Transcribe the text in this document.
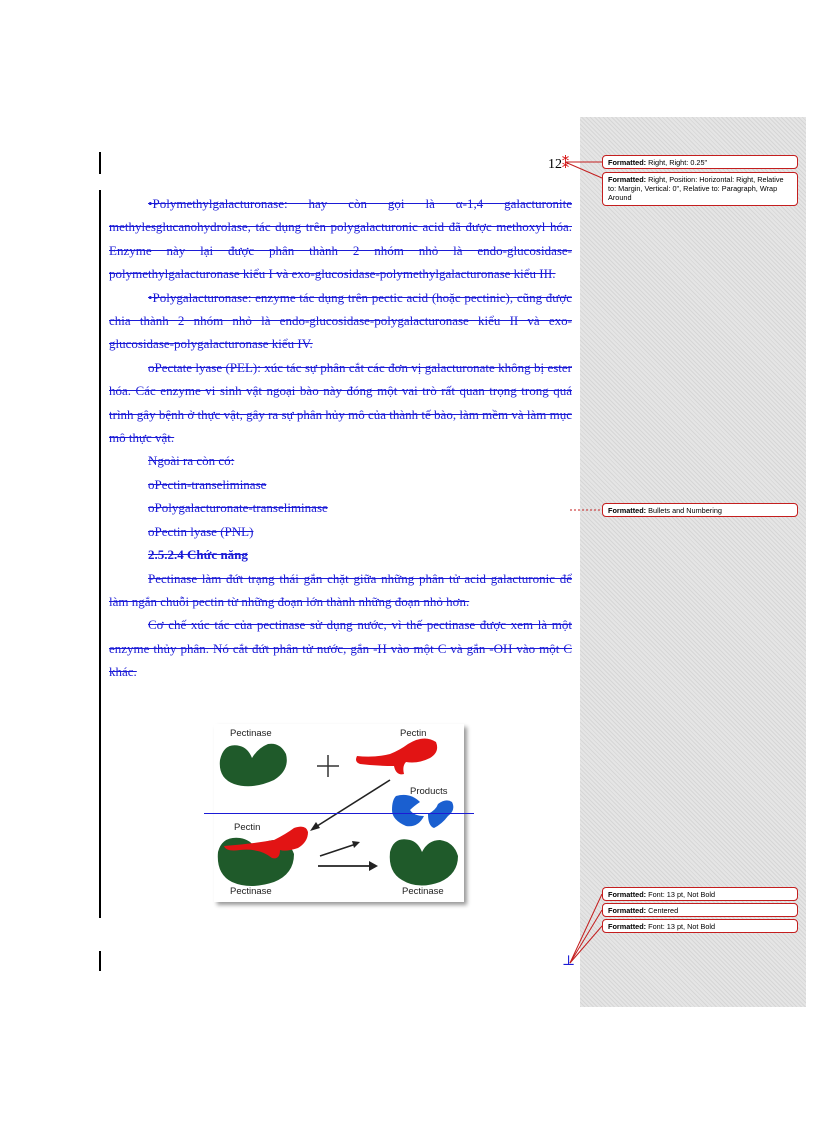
12⁑

•Polymethylgalacturonase: hay còn gọi là α-1,4 galacturonite methylesglucanohydrolase, tác dụng trên polygalacturonic acid đã được methoxyl hóa. Enzyme này lại được phân thành 2 nhóm nhỏ là endo-glucosidase-polymethylgalacturonase kiểu I và exo-glucosidase-polymethylgalacturonase kiểu III.

•Polygalacturonase: enzyme tác dụng trên pectic acid (hoặc pectinic), cũng được chia thành 2 nhóm nhỏ là endo-glucosidase-polygalacturonase kiểu II và exo-glucosidase-polygalacturonase kiểu IV.

oPectate lyase (PEL): xúc tác sự phân cắt các đơn vị galacturonate không bị ester hóa. Các enzyme vi sinh vật ngoại bào này đóng một vai trò rất quan trọng trong quá trình gây bệnh ở thực vật, gây ra sự phân hủy mô của thành tế bào, làm mềm và làm mục mô thực vật.

Ngoài ra còn có:

oPectin-transeliminase

oPolygalacturonate-transeliminase

oPectin lyase (PNL)

2.5.2.4 Chức năng

Pectinase làm đứt trạng thái gắn chặt giữa những phân tử acid galacturonic để làm ngắn chuỗi pectin từ những đoạn lớn thành những đoạn nhỏ hơn.

Cơ chế xúc tác của pectinase sử dụng nước, vì thế pectinase được xem là một enzyme thủy phân. Nó cắt đứt phân tử nước, gắn -H vào một C và gắn -OH vào một C khác.

Pectinase	Pectin
Products
Pectin
Pectinase	Pectinase
⊥
Formatted: Right, Right: 0.25"
Formatted: Right, Position: Horizontal: Right, Relative to: Margin, Vertical: 0", Relative to: Paragraph, Wrap Around
Formatted: Bullets and Numbering
Formatted: Font: 13 pt, Not Bold
Formatted: Centered
Formatted: Font: 13 pt, Not Bold
